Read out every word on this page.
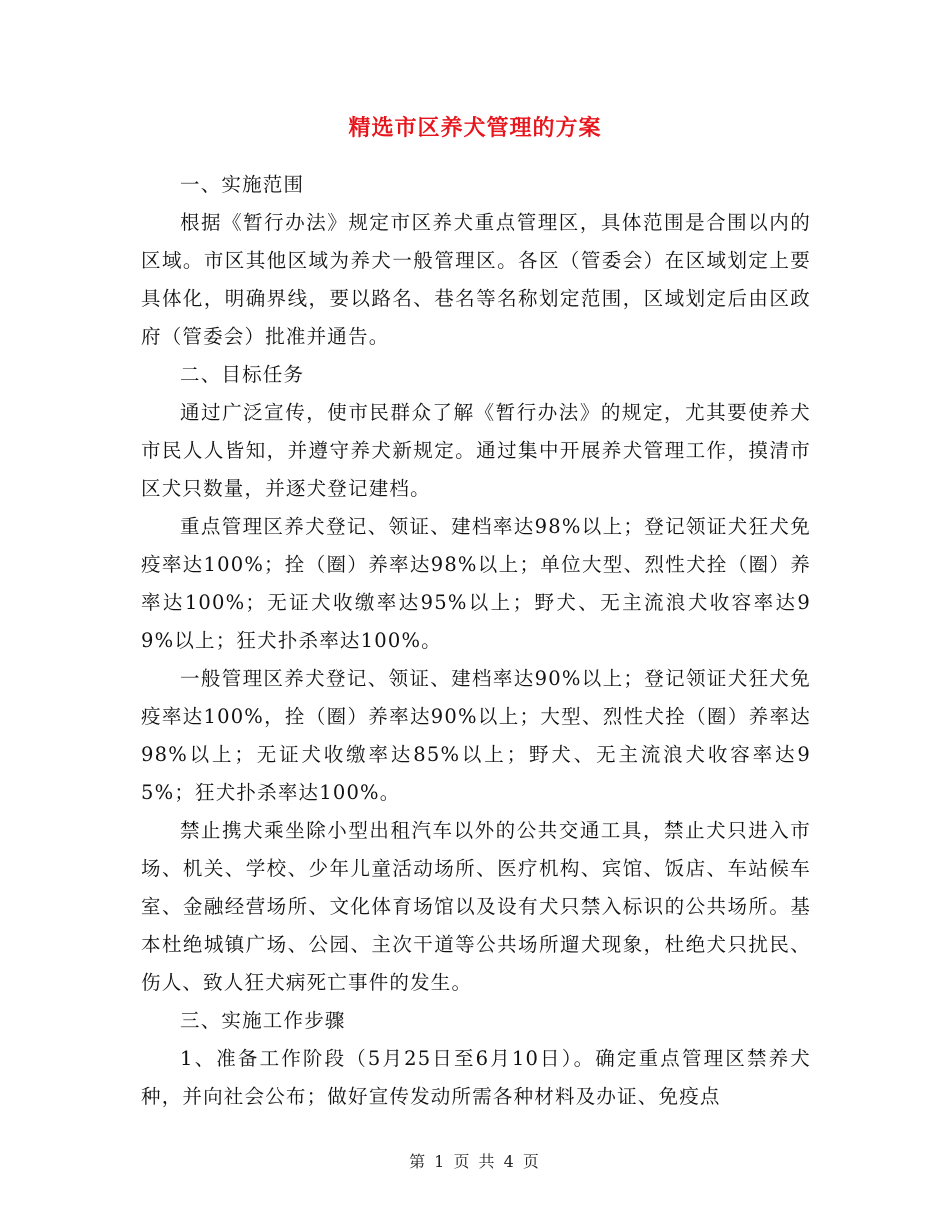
精选市区养犬管理的方案

一、实施范围

根据《暂行办法》规定市区养犬重点管理区，具体范围是合围以内的区域。市区其他区域为养犬一般管理区。各区（管委会）在区域划定上要具体化，明确界线，要以路名、巷名等名称划定范围，区域划定后由区政府（管委会）批准并通告。

二、目标任务

通过广泛宣传，使市民群众了解《暂行办法》的规定，尤其要使养犬市民人人皆知，并遵守养犬新规定。通过集中开展养犬管理工作，摸清市区犬只数量，并逐犬登记建档。

重点管理区养犬登记、领证、建档率达98%以上；登记领证犬狂犬免疫率达100%；拴（圈）养率达98%以上；单位大型、烈性犬拴（圈）养率达100%；无证犬收缴率达95%以上；野犬、无主流浪犬收容率达99%以上；狂犬扑杀率达100%。

一般管理区养犬登记、领证、建档率达90%以上；登记领证犬狂犬免疫率达100%，拴（圈）养率达90%以上；大型、烈性犬拴（圈）养率达98%以上；无证犬收缴率达85%以上；野犬、无主流浪犬收容率达95%；狂犬扑杀率达100%。

禁止携犬乘坐除小型出租汽车以外的公共交通工具，禁止犬只进入市场、机关、学校、少年儿童活动场所、医疗机构、宾馆、饭店、车站候车室、金融经营场所、文化体育场馆以及设有犬只禁入标识的公共场所。基本杜绝城镇广场、公园、主次干道等公共场所遛犬现象，杜绝犬只扰民、伤人、致人狂犬病死亡事件的发生。

三、实施工作步骤

1、准备工作阶段（5月25日至6月10日）。确定重点管理区禁养犬种，并向社会公布；做好宣传发动所需各种材料及办证、免疫点

第 1 页 共 4 页
